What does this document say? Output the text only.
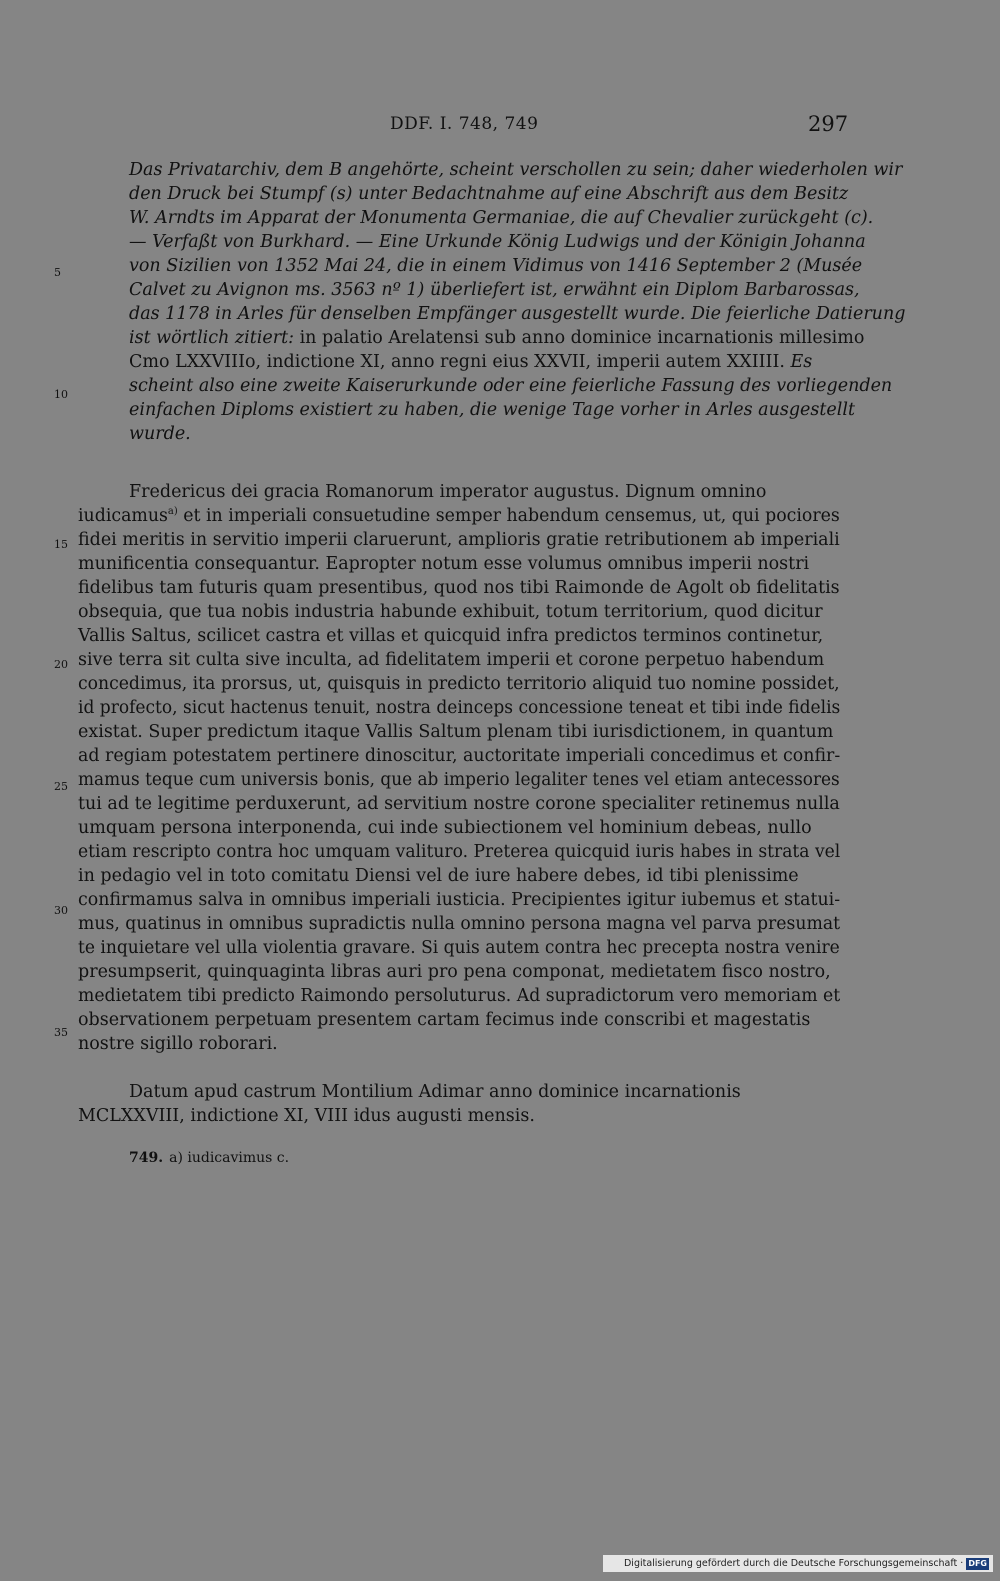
DDF. I. 748, 749	297
Das Privatarchiv, dem B angehörte, scheint verschollen zu sein; daher wiederholen wir
den Druck bei Stumpf (s) unter Bedachtnahme auf eine Abschrift aus dem Besitz
W. Arndts im Apparat der Monumenta Germaniae, die auf Chevalier zurückgeht (c).
— Verfaßt von Burkhard. — Eine Urkunde König Ludwigs und der Königin Johanna
von Sizilien von 1352 Mai 24, die in einem Vidimus von 1416 September 2 (Musée
Calvet zu Avignon ms. 3563 nº 1) überliefert ist, erwähnt ein Diplom Barbarossas,
das 1178 in Arles für denselben Empfänger ausgestellt wurde. Die feierliche Datierung
ist wörtlich zitiert: in palatio Arelatensi sub anno dominice incarnationis millesimo
Cmo LXXVIIIo, indictione XI, anno regni eius XXVII, imperii autem XXIIII. Es
scheint also eine zweite Kaiserurkunde oder eine feierliche Fassung des vorliegenden
einfachen Diploms existiert zu haben, die wenige Tage vorher in Arles ausgestellt
wurde.
Fredericus dei gracia Romanorum imperator augustus. Dignum omnino
iudicamus$^{a)}$ et in imperiali consuetudine semper habendum censemus, ut, qui pociores
fidei meritis in servitio imperii claruerunt, amplioris gratie retributionem ab imperiali
munificentia consequantur. Eapropter notum esse volumus omnibus imperii nostri
fidelibus tam futuris quam presentibus, quod nos tibi Raimonde de Agolt ob fidelitatis
obsequia, que tua nobis industria habunde exhibuit, totum territorium, quod dicitur
Vallis Saltus, scilicet castra et villas et quicquid infra predictos terminos continetur,
sive terra sit culta sive inculta, ad fidelitatem imperii et corone perpetuo habendum
concedimus, ita prorsus, ut, quisquis in predicto territorio aliquid tuo nomine possidet,
id profecto, sicut hactenus tenuit, nostra deinceps concessione teneat et tibi inde fidelis
existat. Super predictum itaque Vallis Saltum plenam tibi iurisdictionem, in quantum
ad regiam potestatem pertinere dinoscitur, auctoritate imperiali concedimus et confir-
mamus teque cum universis bonis, que ab imperio legaliter tenes vel etiam antecessores
tui ad te legitime perduxerunt, ad servitium nostre corone specialiter retinemus nulla
umquam persona interponenda, cui inde subiectionem vel hominium debeas, nullo
etiam rescripto contra hoc umquam valituro. Preterea quicquid iuris habes in strata vel
in pedagio vel in toto comitatu Diensi vel de iure habere debes, id tibi plenissime
confirmamus salva in omnibus imperiali iusticia. Precipientes igitur iubemus et statui-
mus, quatinus in omnibus supradictis nulla omnino persona magna vel parva presumat
te inquietare vel ulla violentia gravare. Si quis autem contra hec precepta nostra venire
presumpserit, quinquaginta libras auri pro pena componat, medietatem fisco nostro,
medietatem tibi predicto Raimondo persoluturus. Ad supradictorum vero memoriam et
observationem perpetuam presentem cartam fecimus inde conscribi et magestatis
nostre sigillo roborari.
Datum apud castrum Montilium Adimar anno dominice incarnationis
MCLXXVIII, indictione XI, VIII idus augusti mensis.
749. a) iudicavimus c.
5
10
15
20
25
30
35
Digitalisierung gefördert durch die Deutsche Forschungsgemeinschaft · DFG
